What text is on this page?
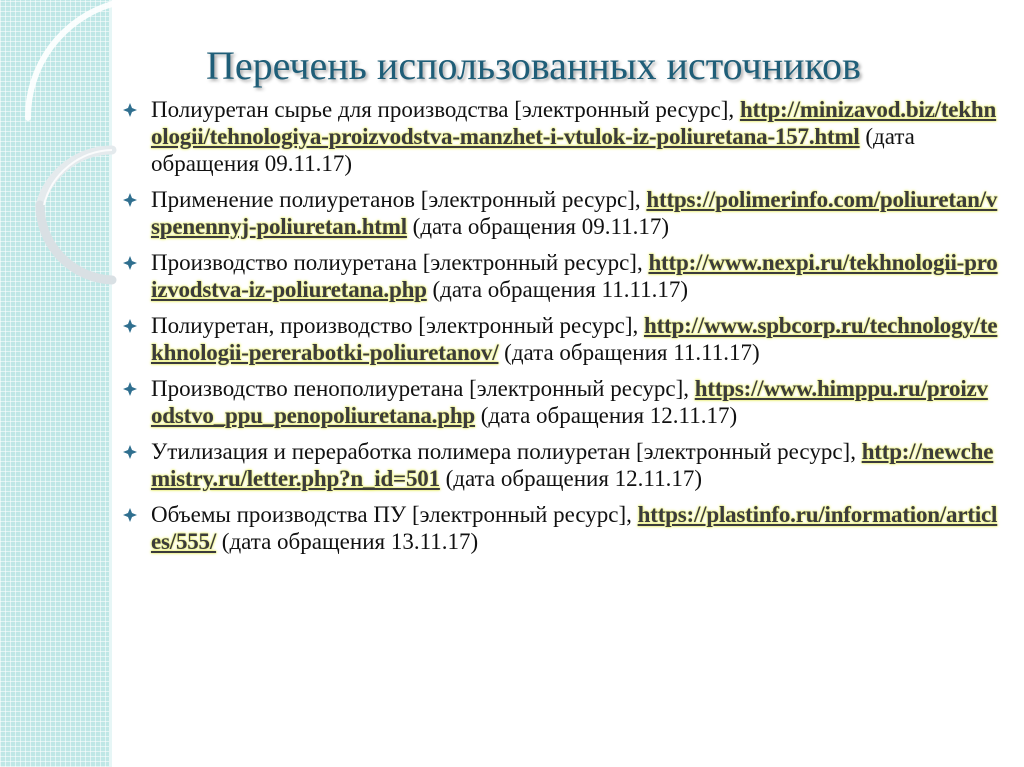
Перечень использованных источников
Полиуретан сырье для производства [электронный ресурс], http://minizavod.biz/tekhnologii/tehnologiya-proizvodstva-manzhet-i-vtulok-iz-poliuretana-157.html (дата обращения 09.11.17)
Применение полиуретанов [электронный ресурс], https://polimerinfo.com/poliuretan/vspenennyj-poliuretan.html (дата обращения 09.11.17)
Производство полиуретана [электронный ресурс], http://www.nexpi.ru/tekhnologii-proizvodstva-iz-poliuretana.php (дата обращения 11.11.17)
Полиуретан, производство [электронный ресурс], http://www.spbcorp.ru/technology/tekhnologii-pererabotki-poliuretanov/ (дата обращения 11.11.17)
Производство пенополиуретана [электронный ресурс], https://www.himppu.ru/proizvodstvo_ppu_penopoliuretana.php (дата обращения 12.11.17)
Утилизация и переработка полимера полиуретан [электронный ресурс], http://newchemistry.ru/letter.php?n_id=501 (дата обращения 12.11.17)
Объемы производства ПУ [электронный ресурс], https://plastinfo.ru/information/articles/555/ (дата обращения 13.11.17)
